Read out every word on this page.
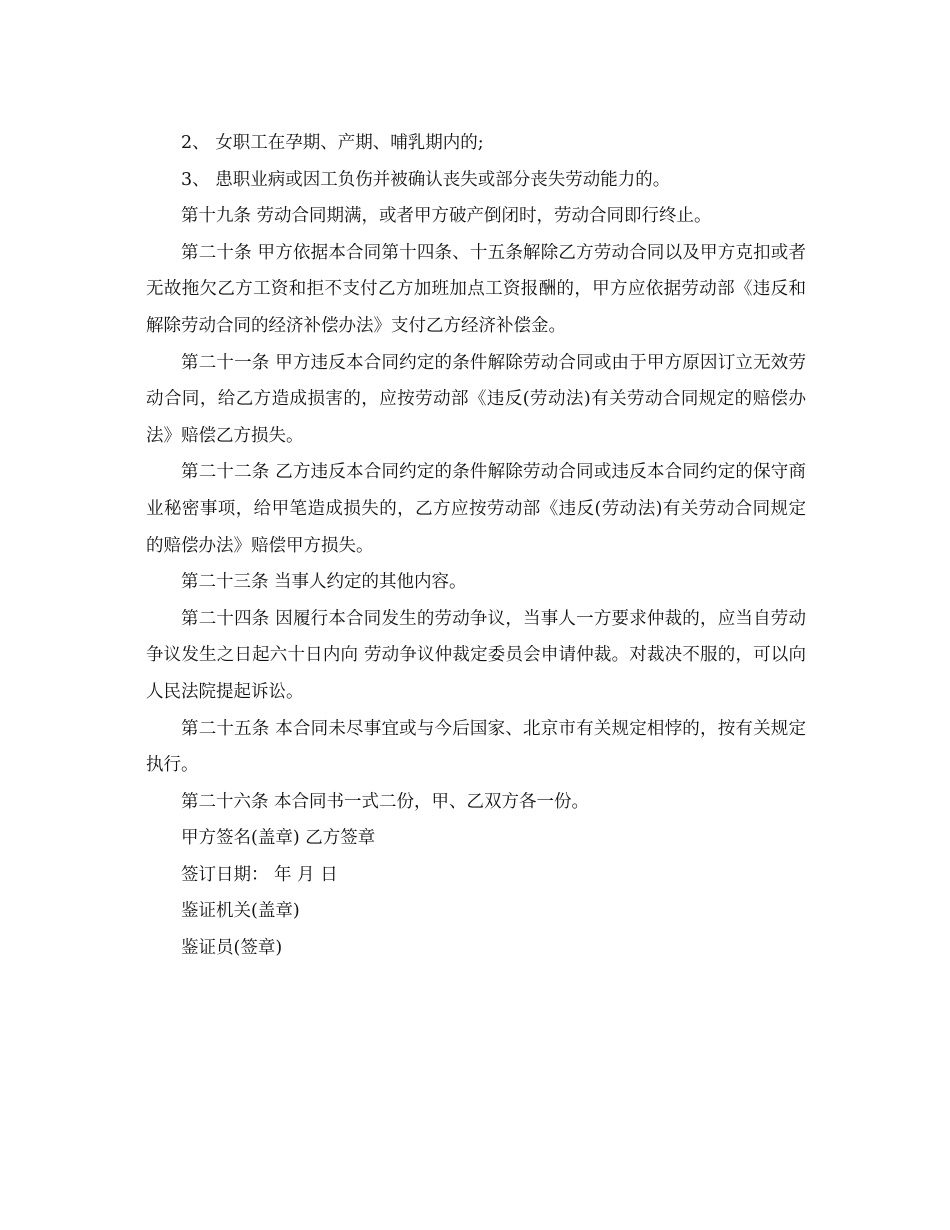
2、 女职工在孕期、产期、哺乳期内的;

3、 患职业病或因工负伤并被确认丧失或部分丧失劳动能力的。

第十九条 劳动合同期满，或者甲方破产倒闭时，劳动合同即行终止。

第二十条 甲方依据本合同第十四条、十五条解除乙方劳动合同以及甲方克扣或者无故拖欠乙方工资和拒不支付乙方加班加点工资报酬的，甲方应依据劳动部《违反和解除劳动合同的经济补偿办法》支付乙方经济补偿金。

第二十一条 甲方违反本合同约定的条件解除劳动合同或由于甲方原因订立无效劳动合同，给乙方造成损害的，应按劳动部《违反(劳动法)有关劳动合同规定的赔偿办法》赔偿乙方损失。

第二十二条 乙方违反本合同约定的条件解除劳动合同或违反本合同约定的保守商业秘密事项，给甲笔造成损失的，乙方应按劳动部《违反(劳动法)有关劳动合同规定的赔偿办法》赔偿甲方损失。

第二十三条 当事人约定的其他内容。

第二十四条 因履行本合同发生的劳动争议，当事人一方要求仲裁的，应当自劳动争议发生之日起六十日内向 劳动争议仲裁定委员会申请仲裁。对裁决不服的，可以向人民法院提起诉讼。

第二十五条 本合同未尽事宜或与今后国家、北京市有关规定相悖的，按有关规定执行。

第二十六条 本合同书一式二份，甲、乙双方各一份。

甲方签名(盖章) 乙方签章

签订日期： 年 月 日

鉴证机关(盖章)

鉴证员(签章)
